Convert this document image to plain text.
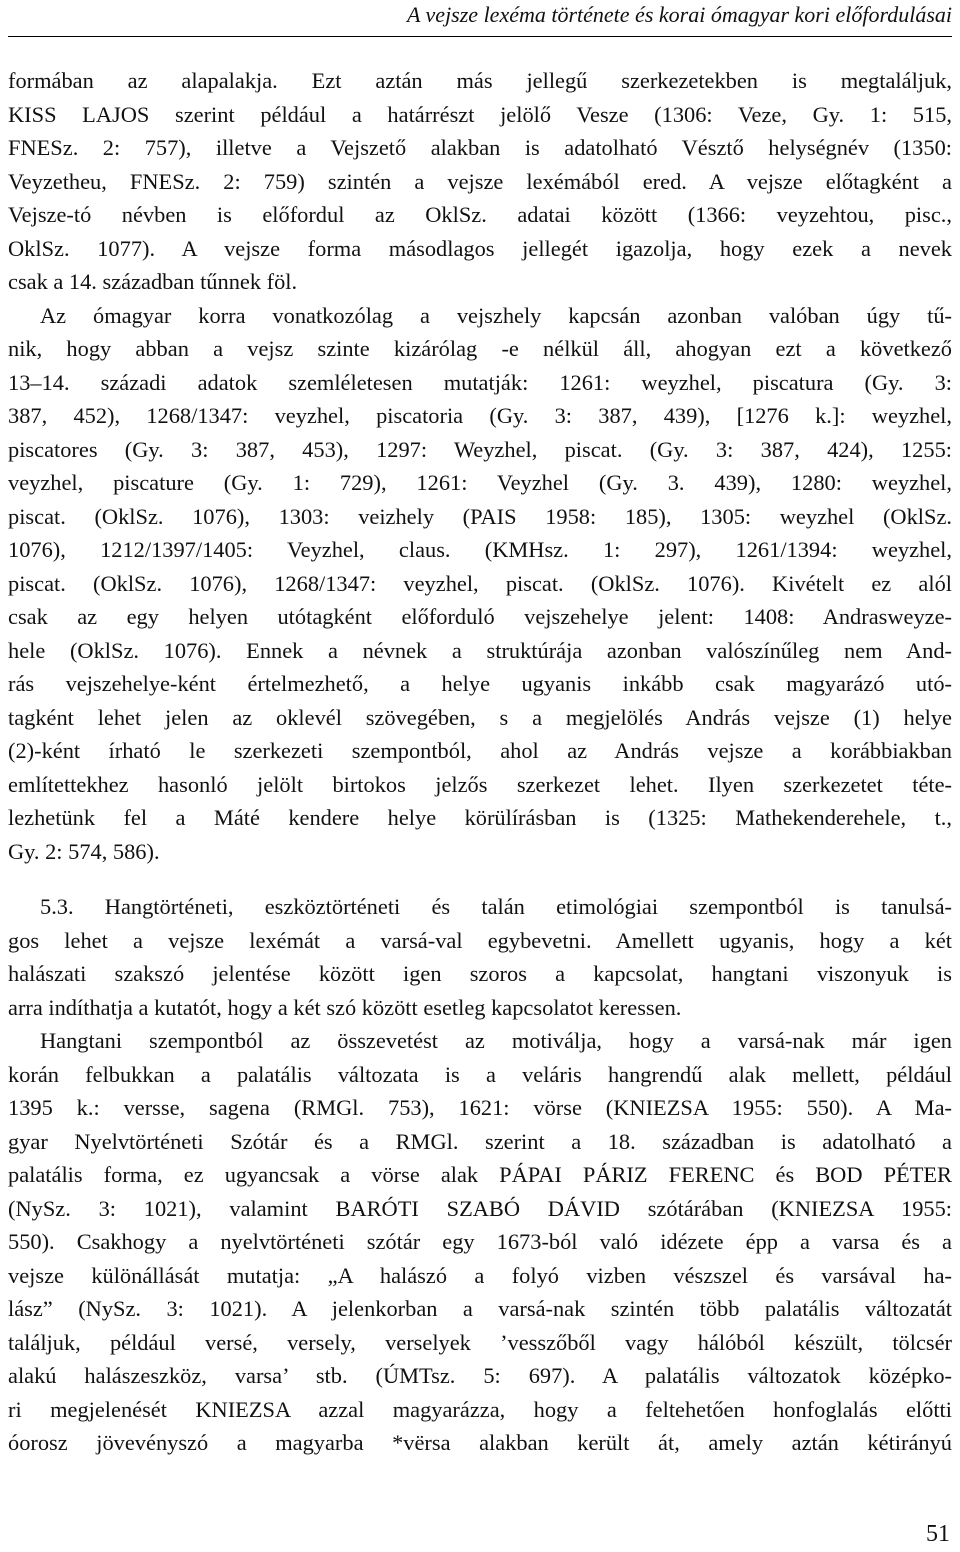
A vejsze lexéma története és korai ómagyar kori előfordulásai
formában az alapalakja. Ezt aztán más jellegű szerkezetekben is megtaláljuk,
KISS LAJOS szerint például a határrészt jelölő Vesze (1306: Veze, Gy. 1: 515,
FNESz. 2: 757), illetve a Vejszető alakban is adatolható Vésztő helységnév (1350:
Veyzetheu, FNESz. 2: 759) szintén a vejsze lexémából ered. A vejsze előtagként a
Vejsze-tó névben is előfordul az OklSz. adatai között (1366: veyzehtou, pisc.,
OklSz. 1077). A vejsze forma másodlagos jellegét igazolja, hogy ezek a nevek
csak a 14. században tűnnek föl.
Az ómagyar korra vonatkozólag a vejszhely kapcsán azonban valóban úgy tű-
nik, hogy abban a vejsz szinte kizárólag -e nélkül áll, ahogyan ezt a következő
13–14. századi adatok szemléletesen mutatják: 1261: weyzhel, piscatura (Gy. 3:
387, 452), 1268/1347: veyzhel, piscatoria (Gy. 3: 387, 439), [1276 k.]: weyzhel,
piscatores (Gy. 3: 387, 453), 1297: Weyzhel, piscat. (Gy. 3: 387, 424), 1255:
veyzhel, piscature (Gy. 1: 729), 1261: Veyzhel (Gy. 3. 439), 1280: weyzhel,
piscat. (OklSz. 1076), 1303: veizhely (PAIS 1958: 185), 1305: weyzhel (OklSz.
1076), 1212/1397/1405: Veyzhel, claus. (KMHsz. 1: 297), 1261/1394: weyzhel,
piscat. (OklSz. 1076), 1268/1347: veyzhel, piscat. (OklSz. 1076). Kivételt ez alól
csak az egy helyen utótagként előforduló vejszehelye jelent: 1408: Andrasweyze-
hele (OklSz. 1076). Ennek a névnek a struktúrája azonban valószínűleg nem And-
rás vejszehelye-ként értelmezhető, a helye ugyanis inkább csak magyarázó utó-
tagként lehet jelen az oklevél szövegében, s a megjelölés András vejsze (1) helye
(2)-ként írható le szerkezeti szempontból, ahol az András vejsze a korábbiakban
említettekhez hasonló jelölt birtokos jelzős szerkezet lehet. Ilyen szerkezetet téte-
lezhetünk fel a Máté kendere helye körülírásban is (1325: Mathekenderehele, t.,
Gy. 2: 574, 586).
5.3. Hangtörténeti, eszköztörténeti és talán etimológiai szempontból is tanulsá-
gos lehet a vejsze lexémát a varsá-val egybevetni. Amellett ugyanis, hogy a két
halászati szakszó jelentése között igen szoros a kapcsolat, hangtani viszonyuk is
arra indíthatja a kutatót, hogy a két szó között esetleg kapcsolatot keressen.
Hangtani szempontból az összevetést az motiválja, hogy a varsá-nak már igen
korán felbukkan a palatális változata is a veláris hangrendű alak mellett, például
1395 k.: versse, sagena (RMGl. 753), 1621: vörse (KNIEZSA 1955: 550). A Ma-
gyar Nyelvtörténeti Szótár és a RMGl. szerint a 18. században is adatolható a
palatális forma, ez ugyancsak a vörse alak PÁPAI PÁRIZ FERENC és BOD PÉTER
(NySz. 3: 1021), valamint BARÓTI SZABÓ DÁVID szótárában (KNIEZSA 1955:
550). Csakhogy a nyelvtörténeti szótár egy 1673-ból való idézete épp a varsa és a
vejsze különállását mutatja: „A halászó a folyó vizben vészszel és varsával ha-
lász” (NySz. 3: 1021). A jelenkorban a varsá-nak szintén több palatális változatát
találjuk, például versé, versely, verselyek ’vesszőből vagy hálóból készült, tölcsér
alakú halászeszköz, varsa’ stb. (ÚMTsz. 5: 697). A palatális változatok középko-
ri megjelenését KNIEZSA azzal magyarázza, hogy a feltehetően honfoglalás előtti
óorosz jövevényszó a magyarba *vёrsa alakban került át, amely aztán kétirányú
51
